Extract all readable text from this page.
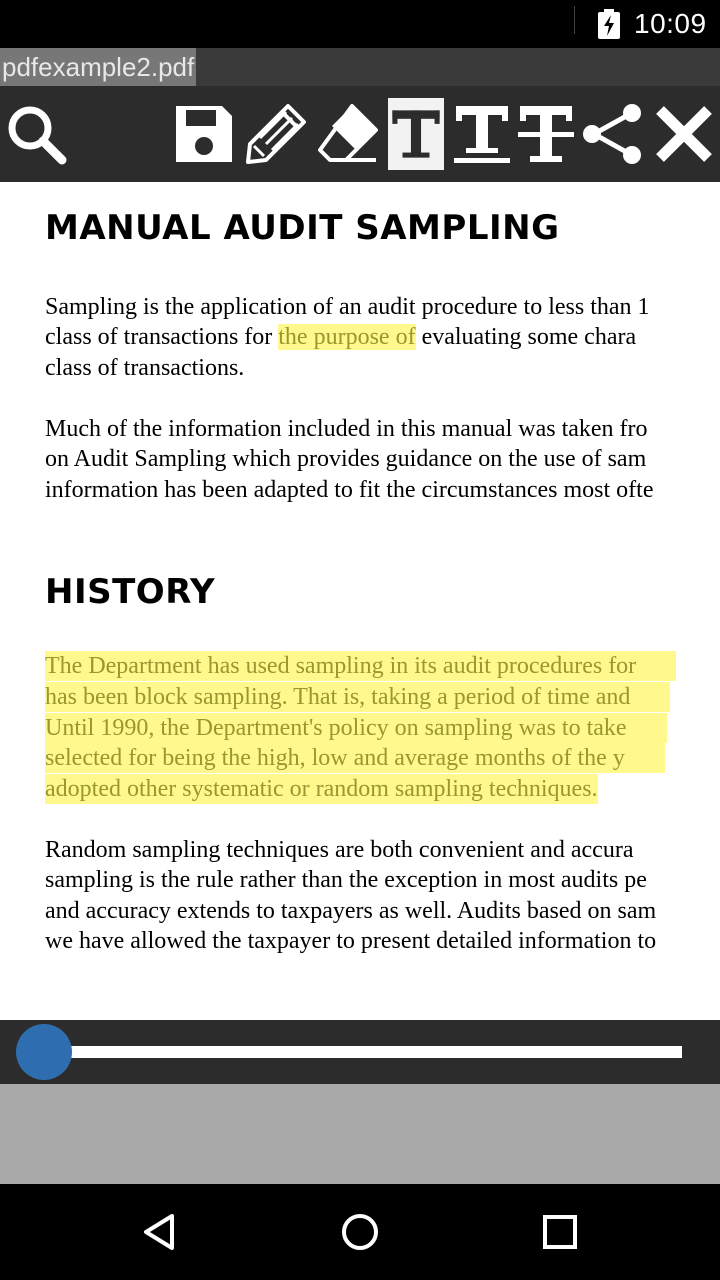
10:09
pdfexample2.pdf
MANUAL AUDIT SAMPLING
Sampling is the application of an audit procedure to less than 1
class of transactions for the purpose of evaluating some chara
class of transactions.
Much of the information included in this manual was taken fro
on Audit Sampling which provides guidance on the use of sam
information has been adapted to fit the circumstances most ofte
HISTORY
The Department has used sampling in its audit procedures for
has been block sampling. That is, taking a period of time and
Until 1990, the Department's policy on sampling was to take
selected for being the high, low and average months of the y
adopted other systematic or random sampling techniques.
Random sampling techniques are both convenient and accura
sampling is the rule rather than the exception in most audits pe
and accuracy extends to taxpayers as well. Audits based on sam
we have allowed the taxpayer to present detailed information to
